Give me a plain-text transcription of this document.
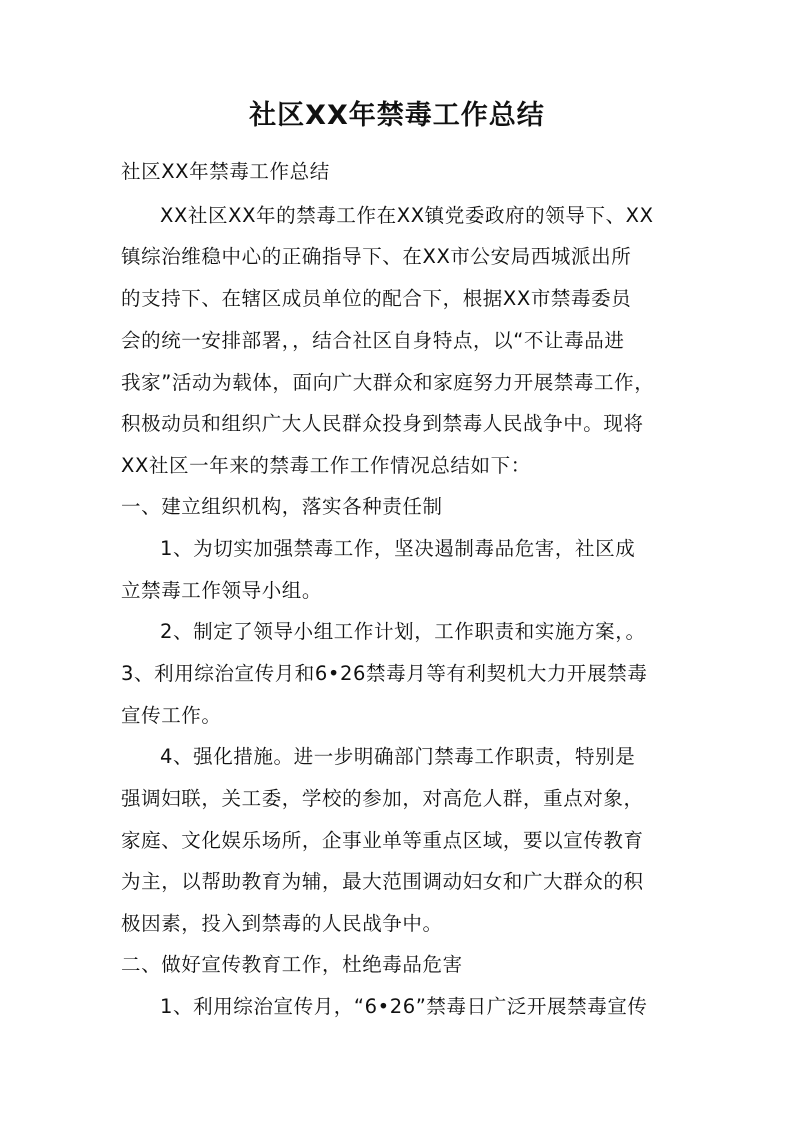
社区XX年禁毒工作总结
社区XX年禁毒工作总结
XX社区XX年的禁毒工作在XX镇党委政府的领导下、XX
镇综治维稳中心的正确指导下、在XX市公安局西城派出所
的支持下、在辖区成员单位的配合下，根据XX市禁毒委员
会的统一安排部署，，结合社区自身特点，以“不让毒品进
我家”活动为载体，面向广大群众和家庭努力开展禁毒工作，
积极动员和组织广大人民群众投身到禁毒人民战争中。现将
XX社区一年来的禁毒工作工作情况总结如下：
一、建立组织机构，落实各种责任制
1、为切实加强禁毒工作，坚决遏制毒品危害，社区成
立禁毒工作领导小组。
2、制定了领导小组工作计划，工作职责和实施方案，。
3、利用综治宣传月和6•26禁毒月等有利契机大力开展禁毒
宣传工作。
4、强化措施。进一步明确部门禁毒工作职责，特别是
强调妇联，关工委，学校的参加，对高危人群，重点对象，
家庭、文化娱乐场所，企事业单等重点区域，要以宣传教育
为主，以帮助教育为辅，最大范围调动妇女和广大群众的积
极因素，投入到禁毒的人民战争中。
二、做好宣传教育工作，杜绝毒品危害
1、利用综治宣传月，“6•26”禁毒日广泛开展禁毒宣传
